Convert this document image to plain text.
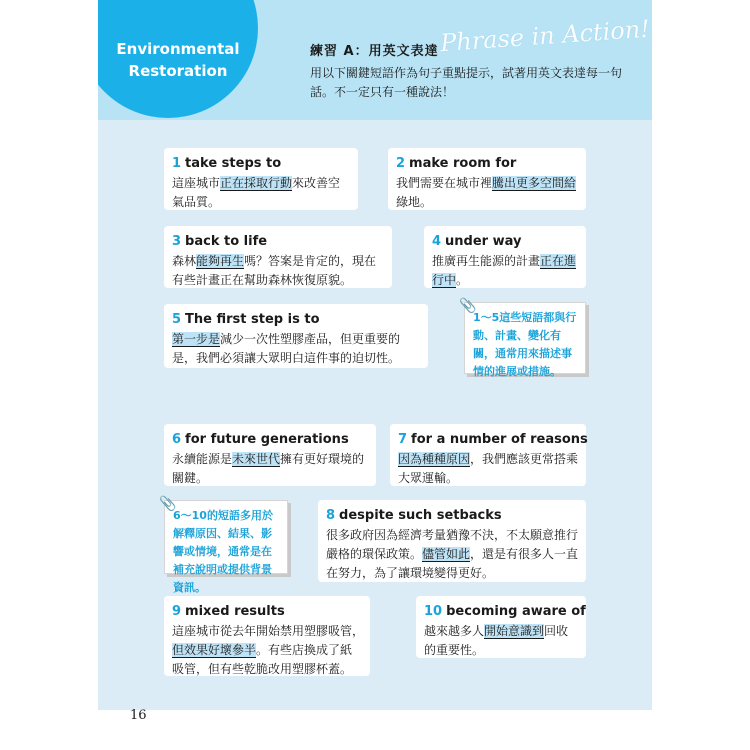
Environmental Restoration
練習 A：用英文表達 Phrase in Action!
用以下關鍵短語作為句子重點提示，試著用英文表達每一句話。不一定只有一種說法！
1 take steps to
這座城市正在採取行動來改善空氣品質。
2 make room for
我們需要在城市裡騰出更多空間給綠地。
3 back to life
森林能夠再生嗎？答案是肯定的，現在有些計畫正在幫助森林恢復原貌。
4 under way
推廣再生能源的計畫正在進行中。
5 The first step is to
第一步是減少一次性塑膠產品，但更重要的是，我們必須讓大眾明白這件事的迫切性。
📎
1～5這些短語都與行動、計畫、變化有關，通常用來描述事情的進展或措施。
6 for future generations
永續能源是未來世代擁有更好環境的關鍵。
7 for a number of reasons
因為種種原因，我們應該更常搭乘大眾運輸。
📎
6～10的短語多用於解釋原因、結果、影響或情境，通常是在補充說明或提供背景資訊。
8 despite such setbacks
很多政府因為經濟考量猶豫不決，不太願意推行嚴格的環保政策。儘管如此，還是有很多人一直在努力，為了讓環境變得更好。
9 mixed results
這座城市從去年開始禁用塑膠吸管，但效果好壞參半。有些店換成了紙吸管，但有些乾脆改用塑膠杯蓋。
10 becoming aware of
越來越多人開始意識到回收的重要性。
16
